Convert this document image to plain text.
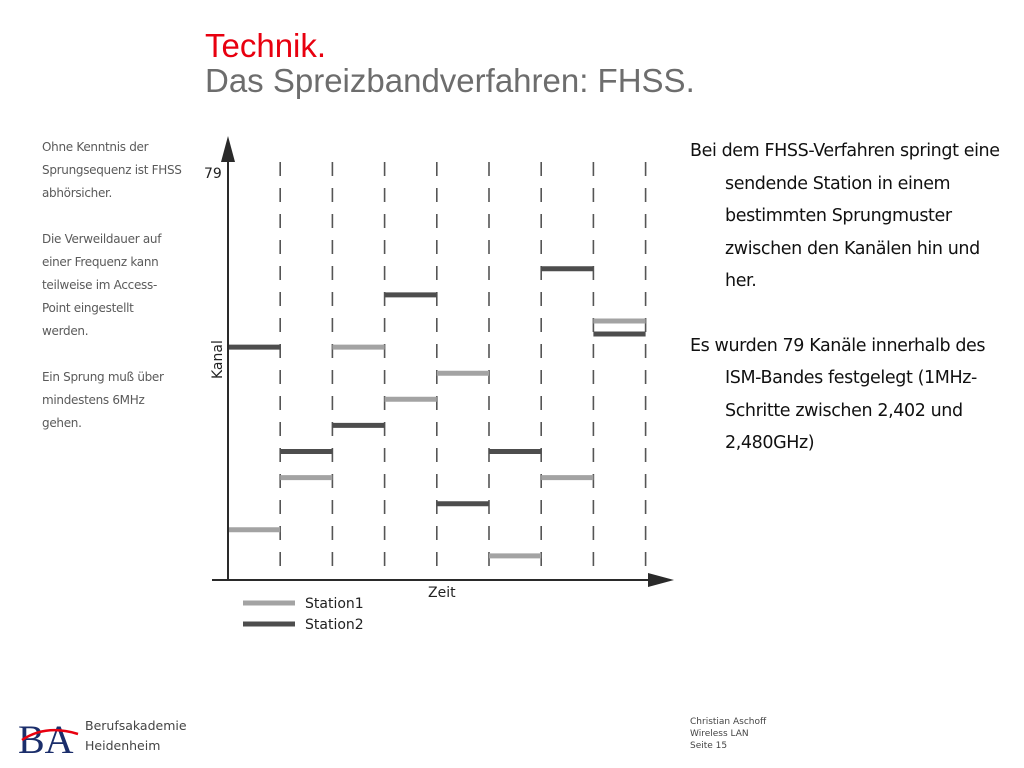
Technik.
Das Spreizbandverfahren: FHSS.

Ohne Kenntnis der Sprungsequenz ist FHSS abhörsicher.

Die Verweildauer auf einer Frequenz kann teilweise im Access-Point eingestellt werden.

Ein Sprung muß über mindestens 6MHz gehen.

79
Kanal
Zeit
Station1
Station2

Bei dem FHSS-Verfahren springt eine sendende Station in einem bestimmten Sprungmuster zwischen den Kanälen hin und her.

Es wurden 79 Kanäle innerhalb des ISM-Bandes festgelegt (1MHz-Schritte zwischen 2,402 und 2,480GHz)

BA Berufsakademie
Heidenheim
Christian Aschoff
Wireless LAN
Seite 15
